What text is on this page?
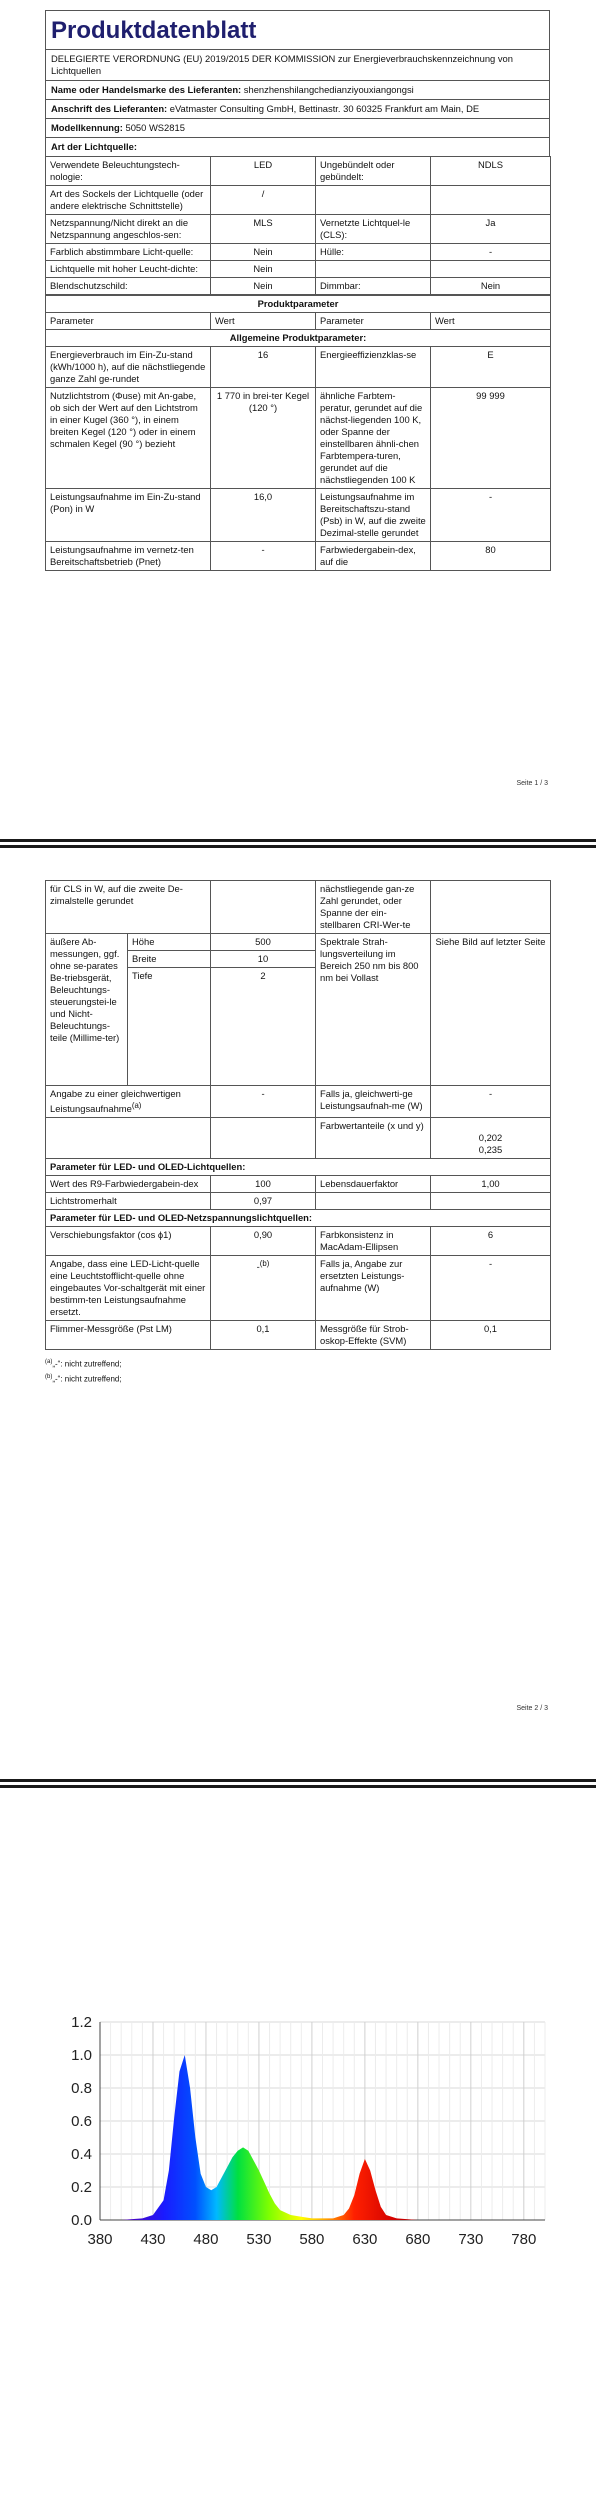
Produktdatenblatt
DELEGIERTE VERORDNUNG (EU) 2019/2015 DER KOMMISSION zur Energieverbrauchskennzeichnung von Lichtquellen
Name oder Handelsmarke des Lieferanten: shenzhenshilangchedianziyouxiangongsi
Anschrift des Lieferanten: eVatmaster Consulting GmbH, Bettinastr. 30 60325 Frankfurt am Main, DE
Modellkennung: 5050 WS2815
Art der Lichtquelle:
Verwendete Beleuchtungstech-nologie:	LED	Ungebündelt oder gebündelt:	NDLS
Art des Sockels der Lichtquelle (oder andere elektrische Schnittstelle)	/		
Netzspannung/Nicht direkt an die Netzspannung angeschlos-sen:	MLS	Vernetzte Lichtquel-le (CLS):	Ja
Farblich abstimmbare Licht-quelle:	Nein	Hülle:	-
Lichtquelle mit hoher Leucht-dichte:	Nein		
Blendschutzschild:	Nein	Dimmbar:	Nein
Produktparameter			
Parameter	Wert	Parameter	Wert
Allgemeine Produktparameter:			
Energieverbrauch im Ein-Zu-stand (kWh/1000 h), auf die nächstliegende ganze Zahl ge-rundet	16	Energieeffizienzklas-se	E
Nutzlichtstrom (Φuse) mit An-gabe, ob sich der Wert auf den Lichtstrom in einer Kugel (360 °), in einem breiten Kegel (120 °) oder in einem schmalen Kegel (90 °) bezieht	1 770 in brei-ter Kegel (120 °)	ähnliche Farbtem-peratur, gerundet auf die nächst-liegenden 100 K, oder Spanne der einstellbaren ähnli-chen Farbtempera-turen, gerundet auf die nächstliegenden 100 K	99 999
Leistungsaufnahme im Ein-Zu-stand (Pon) in W	16,0	Leistungsaufnahme im Bereitschaftszu-stand (Psb) in W, auf die zweite Dezimal-stelle gerundet	-
Leistungsaufnahme im vernetz-ten Bereitschaftsbetrieb (Pnet)	-	Farbwiedergabein-dex, auf die	80
Seite 1 / 3
für CLS in W, auf die zweite De-zimalstelle gerundet			nächstliegende gan-ze Zahl gerundet, oder Spanne der ein-stellbaren CRI-Wer-te	
äußere Ab-messungen, ggf. ohne se-parates Be-triebsgerät, Beleuchtungs-steuerungstei-le und Nicht-Beleuchtungs-teile (Millime-ter)	Höhe	500	Spektrale Strah-lungsverteilung im Bereich 250 nm bis 800 nm bei Vollast	Siehe Bild auf letzter Seite
	Breite	10		
	Tiefe	2		
Angabe zu einer gleichwertigen Leistungsaufnahme$^{(a)}$		-	Falls ja, gleichwerti-ge Leistungsaufnah-me (W)	-
			Farbwertanteile (x und y)	0,202
0,235
Parameter für LED- und OLED-Lichtquellen:				
Wert des R9-Farbwiedergabein-dex		100	Lebensdauerfaktor	1,00
Lichtstromerhalt		0,97		
Parameter für LED- und OLED-Netzspannungslichtquellen:				
Verschiebungsfaktor (cos ϕ1)		0,90	Farbkonsistenz in MacAdam-Ellipsen	6
Angabe, dass eine LED-Licht-quelle eine Leuchtstofflicht-quelle ohne eingebautes Vor-schaltgerät mit einer bestimm-ten Leistungsaufnahme ersetzt.		-$^{(b)}$	Falls ja, Angabe zur ersetzten Leistungs-aufnahme (W)	-
Flimmer-Messgröße (Pst LM)		0,1	Messgröße für Strob-oskop-Effekte (SVM)	0,1
$^{(a)}$„-“: nicht zutreffend;
$^{(b)}$„-“: nicht zutreffend;
Seite 2 / 3
0.0
0.2
0.4
0.6
0.8
1.0
1.2
380 430 480 530 580 630 680 730 780
